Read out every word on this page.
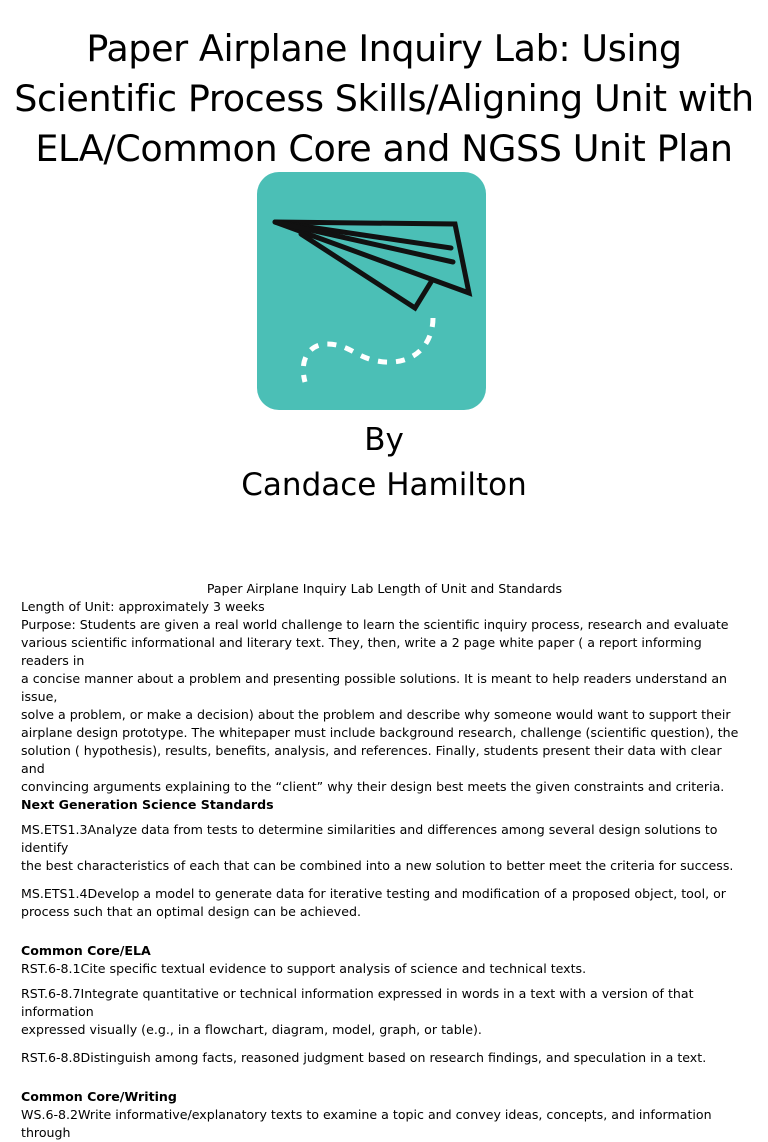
Paper Airplane Inquiry Lab: Using
Scientific Process Skills/Aligning Unit with
ELA/Common Core and NGSS Unit Plan
By
Candace Hamilton

Paper Airplane Inquiry Lab Length of Unit and Standards

Length of Unit: approximately 3 weeks

Purpose: Students are given a real world challenge to learn the scientific inquiry process, research and evaluate

various scientific informational and literary text. They, then, write a 2 page white paper ( a report informing readers in

a concise manner about a problem and presenting possible solutions. It is meant to help readers understand an issue,

solve a problem, or make a decision) about the problem and describe why someone would want to support their

airplane design prototype. The whitepaper must include background research, challenge (scientific question), the

solution ( hypothesis), results, benefits, analysis, and references. Finally, students present their data with clear and

convincing arguments explaining to the “client” why their design best meets the given constraints and criteria.

Next Generation Science Standards

MS.ETS1.3Analyze data from tests to determine similarities and differences among several design solutions to identify

the best characteristics of each that can be combined into a new solution to better meet the criteria for success.

MS.ETS1.4Develop a model to generate data for iterative testing and modification of a proposed object, tool, or

process such that an optimal design can be achieved.

Common Core/ELA

RST.6-8.1Cite specific textual evidence to support analysis of science and technical texts.

RST.6-8.7Integrate quantitative or technical information expressed in words in a text with a version of that information

expressed visually (e.g., in a flowchart, diagram, model, graph, or table).

RST.6-8.8Distinguish among facts, reasoned judgment based on research findings, and speculation in a text.

Common Core/Writing

WS.6-8.2Write informative/explanatory texts to examine a topic and convey ideas, concepts, and information through
